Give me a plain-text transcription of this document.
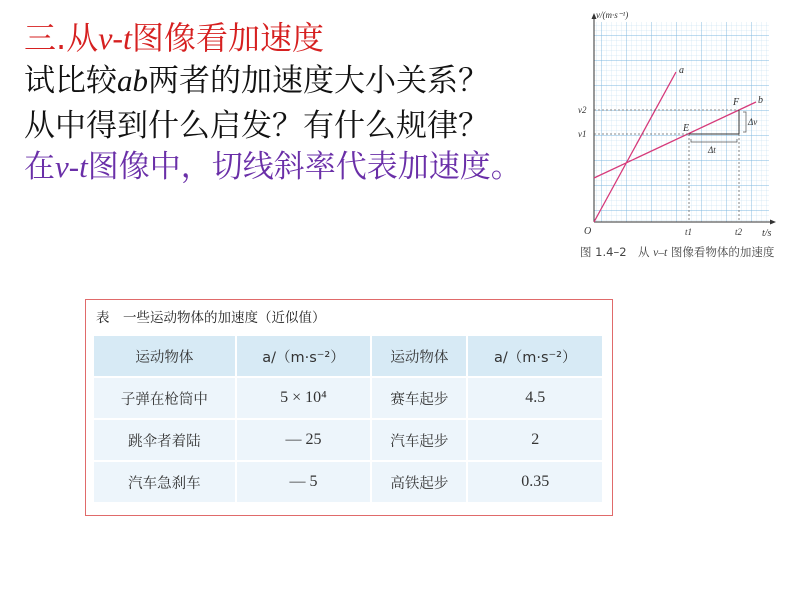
三.从v-t图像看加速度
试比较ab两者的加速度大小关系？
从中得到什么启发？有什么规律？
在v-t图像中，切线斜率代表加速度。
v/(m·s⁻¹)
t/s
O
a
b
E
F
v2
v1
t1	t2
Δv
Δt
图 1.4–2　从 v–t 图像看物体的加速度
表　一些运动物体的加速度（近似值）
运动物体	a/（m·s⁻²）	运动物体	a/（m·s⁻²）
子弹在枪筒中	5 × 10⁴	赛车起步	4.5
跳伞者着陆	— 25	汽车起步	2
汽车急刹车	— 5	高铁起步	0.35
